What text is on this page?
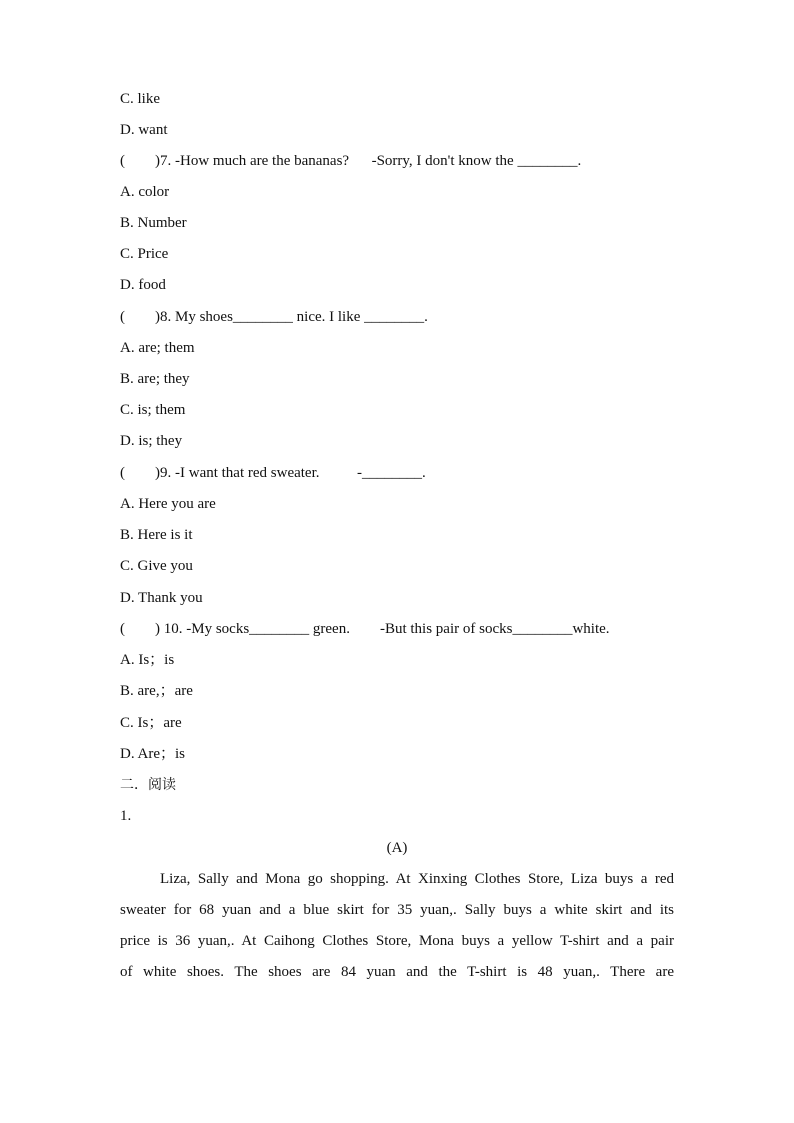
C. like
D. want
(        )7. -How much are the bananas?      -Sorry, I don't know the ________.
A. color
B. Number
C. Price
D. food
(        )8. My shoes________ nice. I like ________.
A. are; them
B. are; they
C. is; them
D. is; they
(        )9. -I want that red sweater.          -________.
A. Here you are
B. Here is it
C. Give you
D. Thank you
(        ) 10. -My socks________ green.        -But this pair of socks________white.
A. Is；is
B. are,；are
C. Is；are
D. Are；is
二．阅读
1.
(A)
Liza, Sally and Mona go shopping. At Xinxing Clothes Store, Liza buys a red
sweater for 68 yuan and a blue skirt for 35 yuan,. Sally buys a white skirt and its
price is 36 yuan,. At Caihong Clothes Store, Mona buys a yellow T-shirt and a pair
of white shoes. The shoes are 84 yuan and the T-shirt is 48 yuan,. There are
